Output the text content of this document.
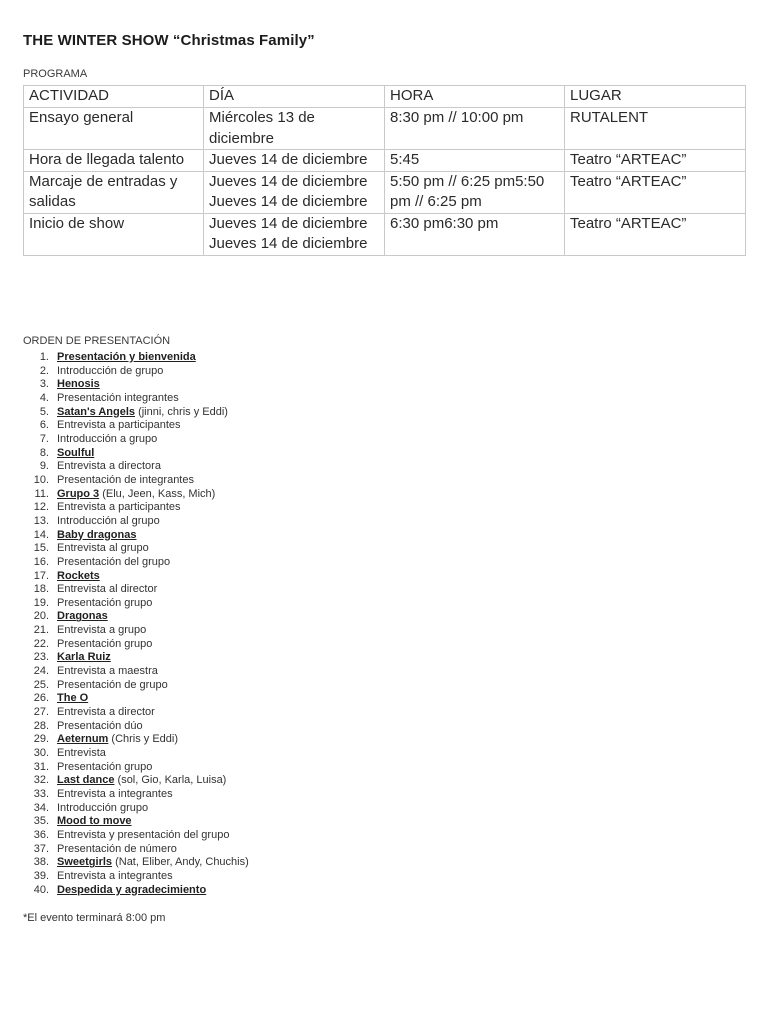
THE WINTER SHOW “Christmas Family”
PROGRAMA
ACTIVIDAD	DÍA	HORA	LUGAR
Ensayo general	Miércoles 13 de diciembre	8:30 pm // 10:00 pm	RUTALENT
Hora de llegada talento	Jueves 14 de diciembre	5:45	Teatro “ARTEAC”
Marcaje de entradas y salidas	Jueves 14 de diciembre Jueves 14 de diciembre	5:50 pm // 6:25 pm5:50 pm // 6:25 pm	Teatro “ARTEAC”
Inicio de show	Jueves 14 de diciembre Jueves 14 de diciembre	6:30 pm6:30 pm	Teatro “ARTEAC”
ORDEN DE PRESENTACIÓN
1. Presentación y bienvenida
2. Introducción de grupo
3. Henosis
4. Presentación integrantes
5. Satan's Angels (jinni, chris y Eddi)
6. Entrevista a participantes
7. Introducción a grupo
8. Soulful
9. Entrevista a directora
10. Presentación de integrantes
11. Grupo 3 (Elu, Jeen, Kass, Mich)
12. Entrevista a participantes
13. Introducción al grupo
14. Baby dragonas
15. Entrevista al grupo
16. Presentación del grupo
17. Rockets
18. Entrevista al director
19. Presentación grupo
20. Dragonas
21. Entrevista a grupo
22. Presentación grupo
23. Karla Ruiz
24. Entrevista a maestra
25. Presentación de grupo
26. The O
27. Entrevista a director
28. Presentación dúo
29. Aeternum (Chris y Eddi)
30. Entrevista
31. Presentación grupo
32. Last dance (sol, Gio, Karla, Luisa)
33. Entrevista a integrantes
34. Introducción grupo
35. Mood to move
36. Entrevista y presentación del grupo
37. Presentación de número
38. Sweetgirls (Nat, Eliber, Andy, Chuchis)
39. Entrevista a integrantes
40. Despedida y agradecimiento
*El evento terminará 8:00 pm
